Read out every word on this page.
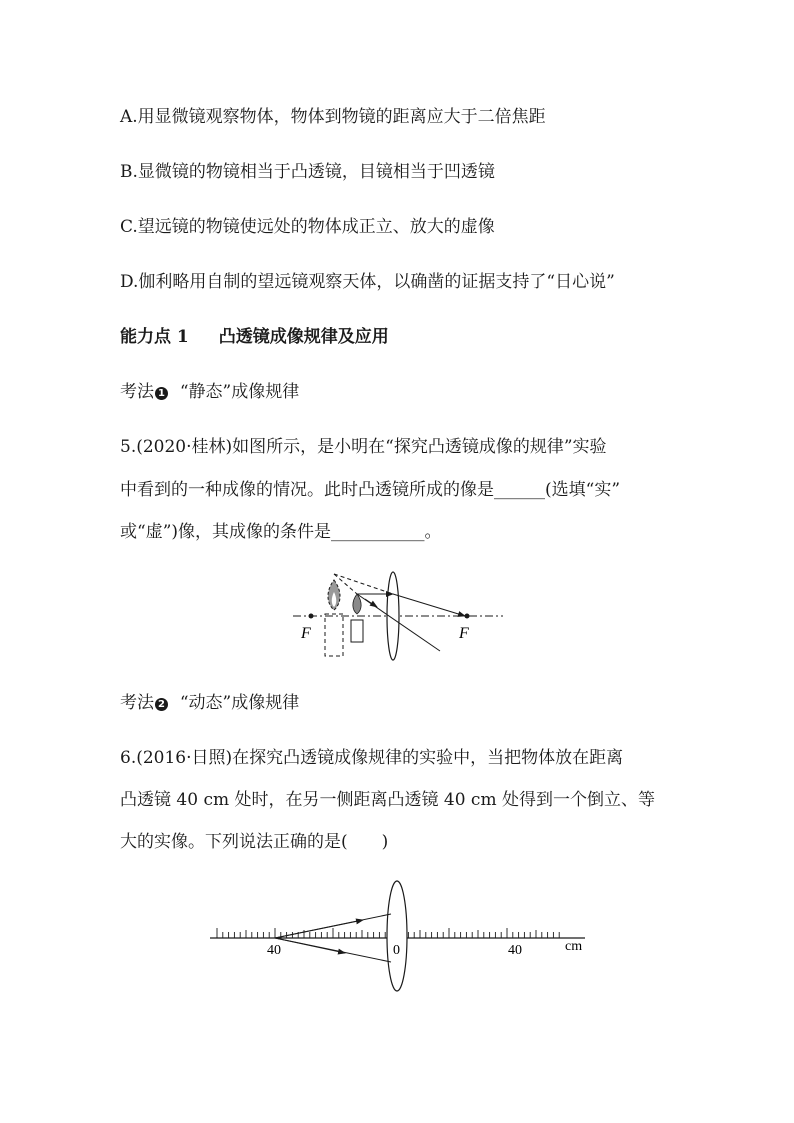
A.用显微镜观察物体，物体到物镜的距离应大于二倍焦距
B.显微镜的物镜相当于凸透镜，目镜相当于凹透镜
C.望远镜的物镜使远处的物体成正立、放大的虚像
D.伽利略用自制的望远镜观察天体，以确凿的证据支持了“日心说”
能力点 1 凸透镜成像规律及应用
考法 1 “静态”成像规律
5.(2020·桂林)如图所示，是小明在“探究凸透镜成像的规律”实验
中看到的一种成像的情况。此时凸透镜所成的像是______(选填“实”
或“虚”)像，其成像的条件是___________。
F	F
考法 2 “动态”成像规律
6.(2016·日照)在探究凸透镜成像规律的实验中，当把物体放在距离
凸透镜 40 cm 处时，在另一侧距离凸透镜 40 cm 处得到一个倒立、等
大的实像。下列说法正确的是(　　)
40	0	40	cm
